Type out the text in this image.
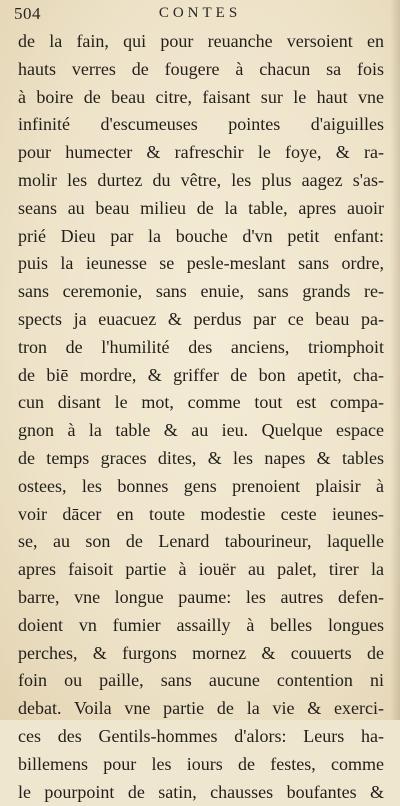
504	CONTES
de la fain, qui pour reuanche versoient en
hauts verres de fougere à chacun sa fois
à boire de beau citre, faisant sur le haut vne
infinité d'escumeuses pointes d'aiguilles
pour humecter & rafreschir le foye, & ra-
molir les durtez du vêtre, les plus aagez s'as-
seans au beau milieu de la table, apres auoir
prié Dieu par la bouche d'vn petit enfant:
puis la ieunesse se pesle-meslant sans ordre,
sans ceremonie, sans enuie, sans grands re-
spects ja euacuez & perdus par ce beau pa-
tron de l'humilité des anciens, triomphoit
de biē mordre, & griffer de bon apetit, cha-
cun disant le mot, comme tout est compa-
gnon à la table & au ieu. Quelque espace
de temps graces dites, & les napes & tables
ostees, les bonnes gens prenoient plaisir à
voir dācer en toute modestie ceste ieunes-
se, au son de Lenard tabourineur, laquelle
apres faisoit partie à iouër au palet, tirer la
barre, vne longue paume: les autres defen-
doient vn fumier assailly à belles longues
perches, & furgons mornez & couuerts de
foin ou paille, sans aucune contention ni
debat. Voila vne partie de la vie & exerci-
ces des Gentils-hommes d'alors: Leurs ha-
billemens pour les iours de festes, comme
le pourpoint de satin, chausses boufantes &
